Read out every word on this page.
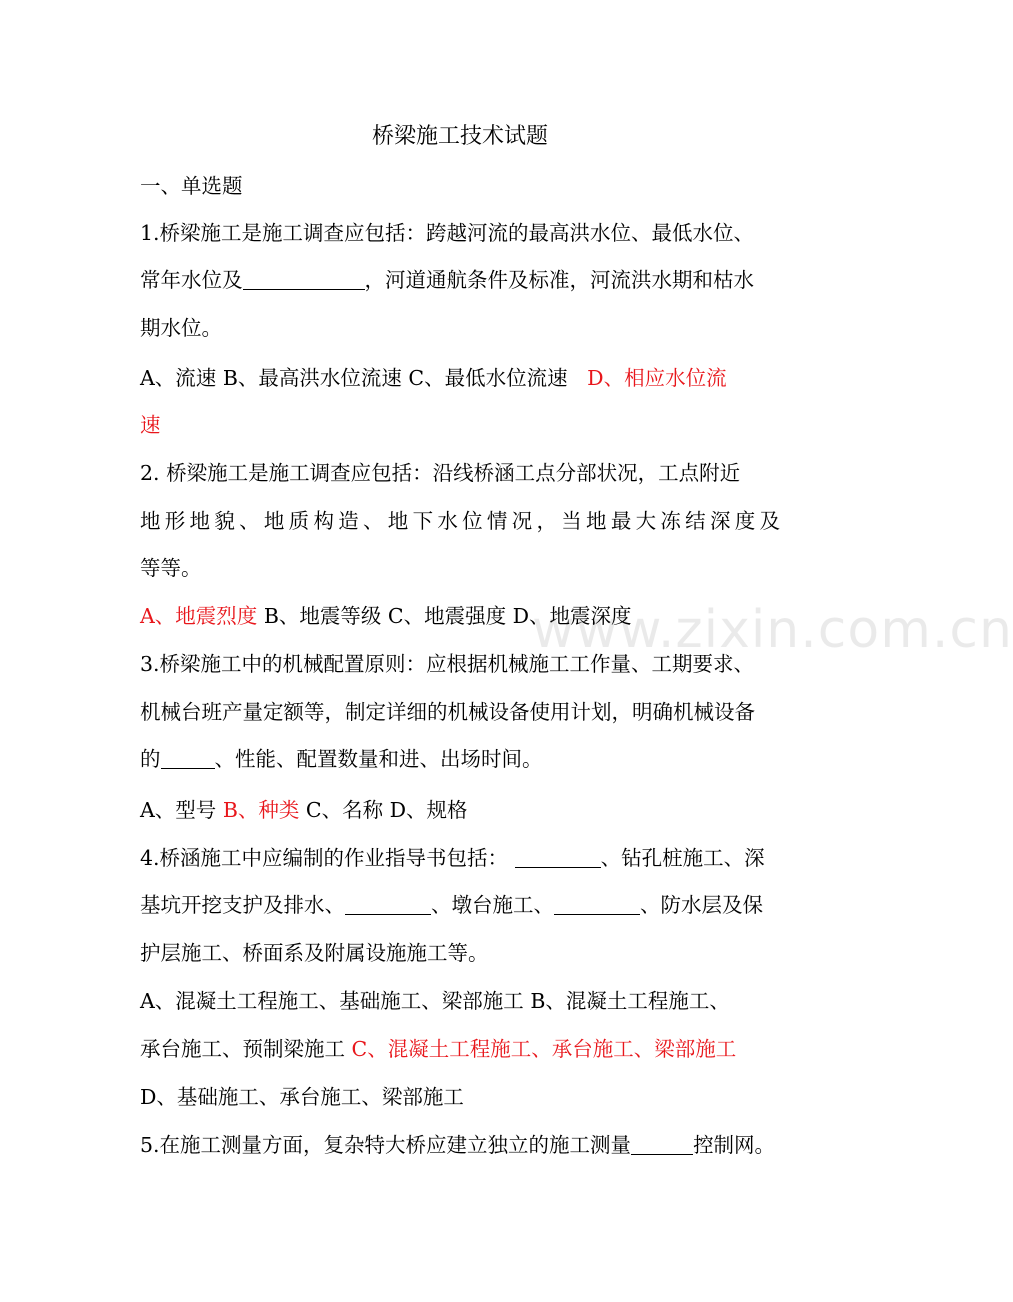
桥梁施工技术试题
一、单选题
1.桥梁施工是施工调查应包括：跨越河流的最高洪水位、最低水位、
常年水位及	，河道通航条件及标准，河流洪水期和枯水
期水位。
A、流速 B、最高洪水位流速 C、最低水位流速 D、相应水位流
速
2. 桥梁施工是施工调查应包括：沿线桥涵工点分部状况，工点附近
地形地貌、地质构造、地下水位情况，当地最大冻结深度及
等等。
A、地震烈度 B、地震等级 C、地震强度 D、地震深度
3.桥梁施工中的机械配置原则：应根据机械施工工作量、工期要求、
机械台班产量定额等，制定详细的机械设备使用计划，明确机械设备
的	、性能、配置数量和进、出场时间。
A、型号 B、种类 C、名称 D、规格
4.桥涵施工中应编制的作业指导书包括：	、钻孔桩施工、深
基坑开挖支护及排水、	、墩台施工、	、防水层及保
护层施工、桥面系及附属设施施工等。
A、混凝土工程施工、基础施工、梁部施工 B、混凝土工程施工、
承台施工、预制梁施工 C、混凝土工程施工、承台施工、梁部施工
D、基础施工、承台施工、梁部施工
5.在施工测量方面，复杂特大桥应建立独立的施工测量	控制网。
www.zixin.com.cn
